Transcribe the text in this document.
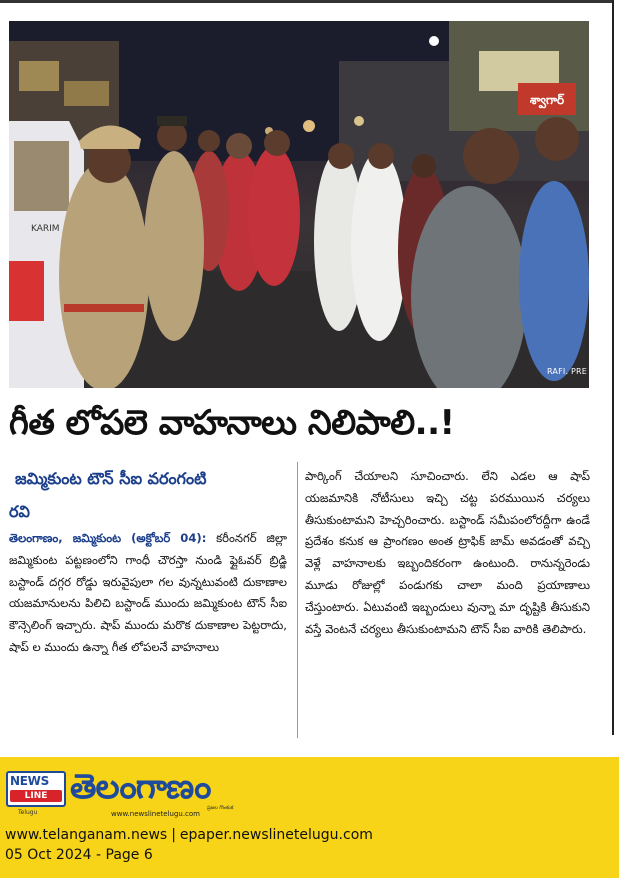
శ్వాగార్
KARIM
RAFI. PRE
గీత లోపలె వాహనాలు నిలిపాలి..!
జమ్మికుంట టౌన్ సీఐ వరంగంటి
రవి

తెలంగాణం, జమ్మికుంట (అక్టోబర్ 04): కరీంనగర్ జిల్లా జమ్మికుంట పట్టణంలోని గాంధీ చౌరస్తా నుండి ఫ్లైఓవర్ బ్రిడ్జి బస్టాండ్ దగ్గర రోడ్డు ఇరువైపులా గల వున్నటువంటి దుకాణాల యజమానులను పిలిచి బస్టాండ్ ముందు జమ్మికుంట టౌన్ సీఐ కౌన్సెలింగ్ ఇచ్చారు. షాప్ ముందు మరొక దుకాణాల పెట్టరాదు, షాప్ ల ముందు ఉన్నా గీత లోపలనే వాహనాలు

పార్కింగ్ చేయాలని సూచించారు. లేని ఎడల ఆ షాప్ యజమానికి నోటీసులు ఇచ్చి చట్ట పరముయిన చర్యలు తీసుకుంటామని హెచ్చరించారు. బస్టాండ్ సమీపంలోరద్దీగా ఉండే ప్రదేశం కనుక ఆ ప్రాంగణం అంత ట్రాఫిక్ జామ్ అవడంతో వచ్చి వెళ్లే వాహనాలకు ఇబ్బందికరంగా ఉంటుంది. రానున్నరెండు మూడు రోజుల్లో పండుగకు చాలా మంది ప్రయాణాలు చేస్తుంటారు. ఏటువంటి ఇబ్బందులు వున్నా మా దృష్టికి తీసుకుని వస్తే వెంటనే చర్యలు తీసుకుంటామని టౌన్ సీఐ వారికి తెలిపారు.

NEWS
LINE
Telugu
తెలంగాణం
ప్రజల గొంతుక
www.newslinetelugu.com
www.telanganam.news | epaper.newslinetelugu.com
05 Oct 2024 - Page 6
